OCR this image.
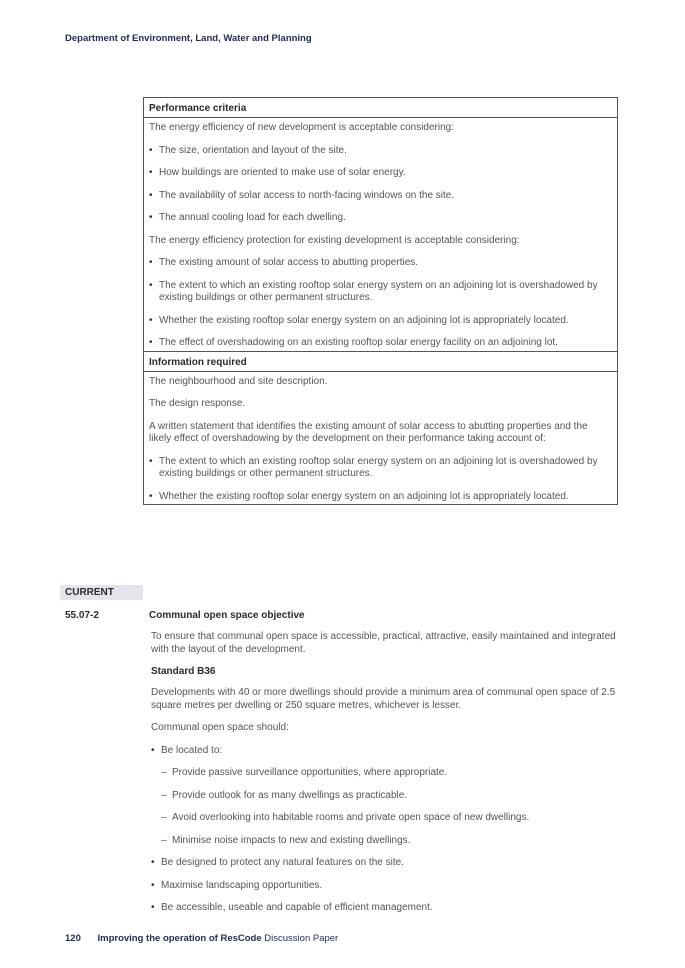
Department of Environment, Land, Water and Planning

Performance criteria

The energy efficiency of new development is acceptable considering:

• The size, orientation and layout of the site.

• How buildings are oriented to make use of solar energy.

• The availability of solar access to north-facing windows on the site.

• The annual cooling load for each dwelling.

The energy efficiency protection for existing development is acceptable considering:

• The existing amount of solar access to abutting properties.

• The extent to which an existing rooftop solar energy system on an adjoining lot is overshadowed by existing buildings or other permanent structures.

• Whether the existing rooftop solar energy system on an adjoining lot is appropriately located.

• The effect of overshadowing on an existing rooftop solar energy facility on an adjoining lot.

Information required

The neighbourhood and site description.

The design response.

A written statement that identifies the existing amount of solar access to abutting properties and the likely effect of overshadowing by the development on their performance taking account of:

• The extent to which an existing rooftop solar energy system on an adjoining lot is overshadowed by existing buildings or other permanent structures.

• Whether the existing rooftop solar energy system on an adjoining lot is appropriately located.

CURRENT
55.07-2	Communal open space objective

To ensure that communal open space is accessible, practical, attractive, easily maintained and integrated with the layout of the development.

Standard B36

Developments with 40 or more dwellings should provide a minimum area of communal open space of 2.5 square metres per dwelling or 250 square metres, whichever is lesser.

Communal open space should:

• Be located to:

– Provide passive surveillance opportunities, where appropriate.

– Provide outlook for as many dwellings as practicable.

– Avoid overlooking into habitable rooms and private open space of new dwellings.

– Minimise noise impacts to new and existing dwellings.

• Be designed to protect any natural features on the site.

• Maximise landscaping opportunities.

• Be accessible, useable and capable of efficient management.

120 Improving the operation of ResCode Discussion Paper
